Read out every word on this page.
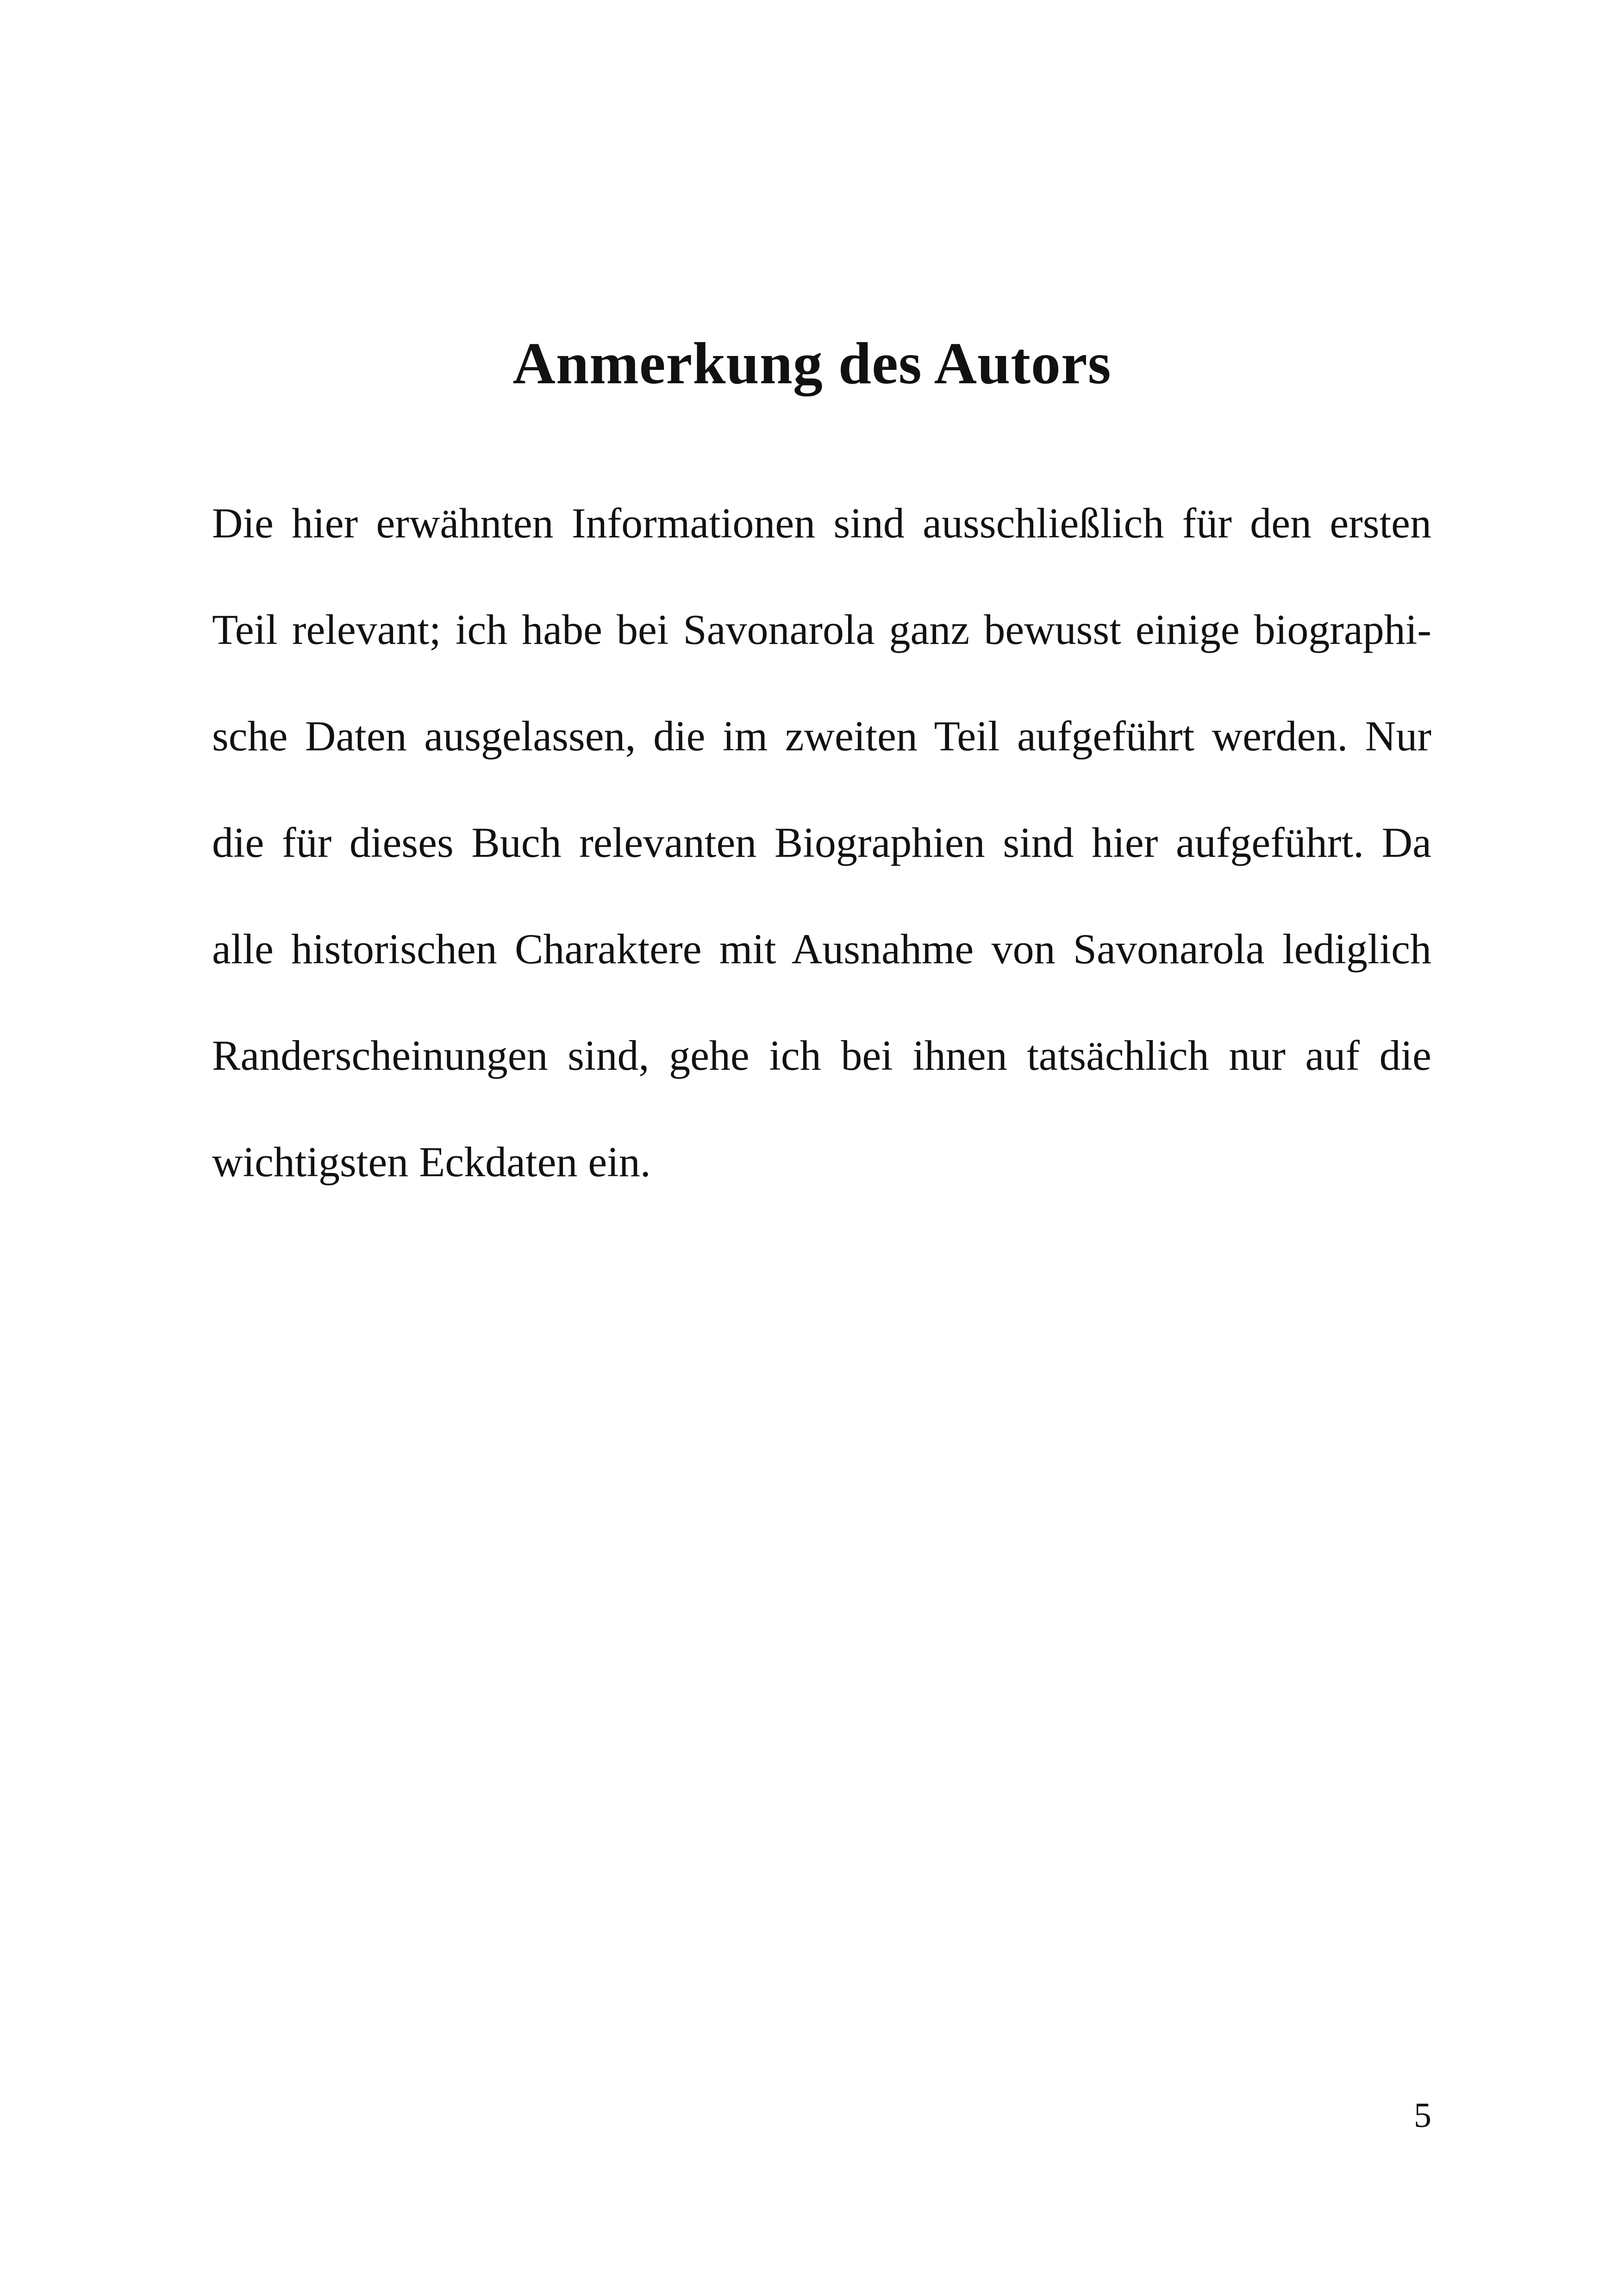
Anmerkung des Autors
Die hier erwähnten Informationen sind ausschließlich für den ersten
Teil relevant; ich habe bei Savonarola ganz bewusst einige biographi-
sche Daten ausgelassen, die im zweiten Teil aufgeführt werden. Nur
die für dieses Buch relevanten Biographien sind hier aufgeführt. Da
alle historischen Charaktere mit Ausnahme von Savonarola lediglich
Randerscheinungen sind, gehe ich bei ihnen tatsächlich nur auf die
wichtigsten Eckdaten ein.
5
